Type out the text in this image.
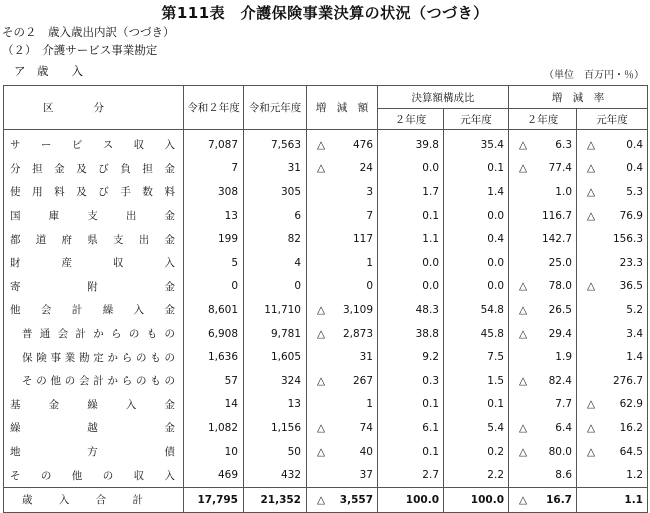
第111表　介護保険事業決算の状況（つづき）
その２　歳入歳出内訳（つづき）
（２）　介護サービス事業勘定
ア　歳　　入	（単位　百万円・％）
区分	令和２年度	令和元年度	増　減　額	決算額構成比		増　減　率	
				２年度	元年度	２年度	元年度
サービス収入	7,087	7,563	△ 476	39.8	35.4	△ 6.3	△ 0.4
分担金及び負担金	7	31	△ 24	0.0	0.1	△ 77.4	△ 0.4
使用料及び手数料	308	305	3	1.7	1.4	1.0	△ 5.3
国庫支出金	13	6	7	0.1	0.0	116.7	△ 76.9
都道府県支出金	199	82	117	1.1	0.4	142.7	156.3
財産収入	5	4	1	0.0	0.0	25.0	23.3
寄附金	0	0	0	0.0	0.0	△ 78.0	△ 36.5
他会計繰入金	8,601	11,710	△ 3,109	48.3	54.8	△ 26.5	5.2
普通会計からのもの	6,908	9,781	△ 2,873	38.8	45.8	△ 29.4	3.4
保険事業勘定からのもの	1,636	1,605	31	9.2	7.5	1.9	1.4
その他の会計からのもの	57	324	△ 267	0.3	1.5	△ 82.4	276.7
基金繰入金	14	13	1	0.1	0.1	7.7	△ 62.9
繰越金	1,082	1,156	△ 74	6.1	5.4	△ 6.4	△ 16.2
地方債	10	50	△ 40	0.1	0.2	△ 80.0	△ 64.5
その他の収入	469	432	37	2.7	2.2	8.6	1.2
歳入合計	17,795	21,352	△ 3,557	100.0	100.0	△ 16.7	1.1
